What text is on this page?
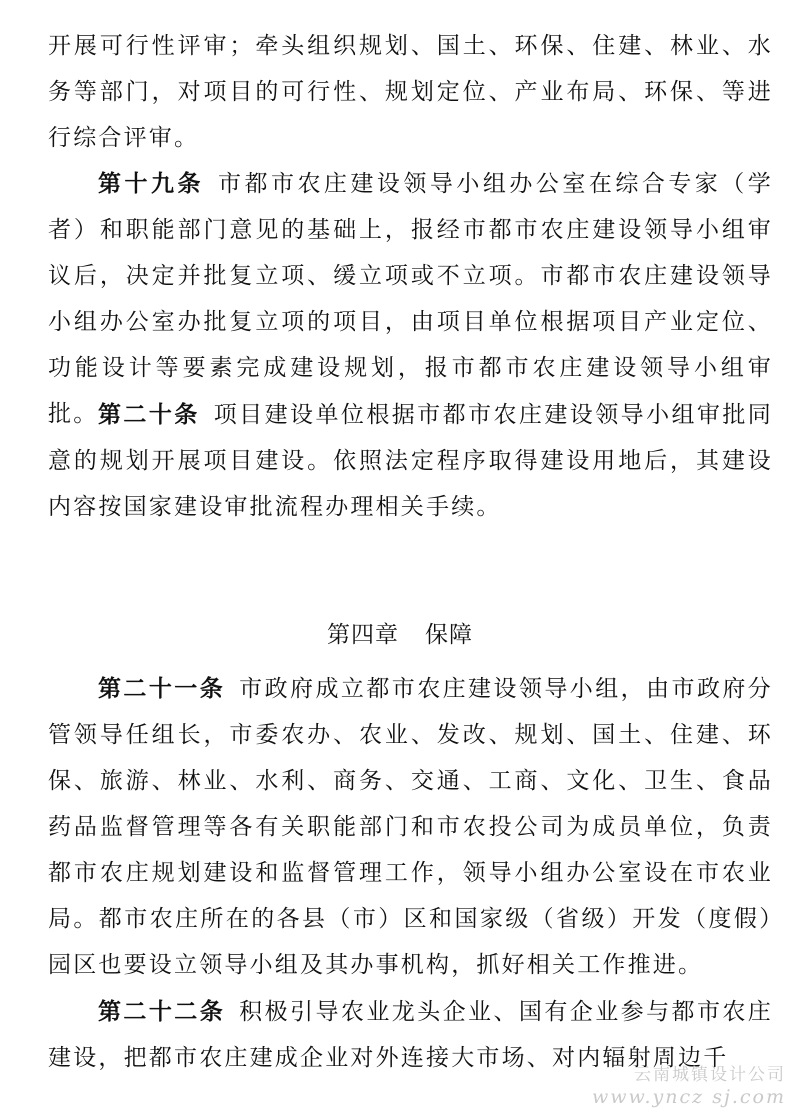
开展可行性评审；牵头组织规划、国土、环保、住建、林业、水务等部门，对项目的可行性、规划定位、产业布局、环保、等进行综合评审。

第十九条 市都市农庄建设领导小组办公室在综合专家（学者）和职能部门意见的基础上，报经市都市农庄建设领导小组审议后，决定并批复立项、缓立项或不立项。市都市农庄建设领导小组办公室办批复立项的项目，由项目单位根据项目产业定位、功能设计等要素完成建设规划，报市都市农庄建设领导小组审批。 第二十条 项目建设单位根据市都市农庄建设领导小组审批同意的规划开展项目建设。依照法定程序取得建设用地后，其建设内容按国家建设审批流程办理相关手续。

第四章 保障

第二十一条 市政府成立都市农庄建设领导小组，由市政府分管领导任组长，市委农办、农业、发改、规划、国土、住建、环保、旅游、林业、水利、商务、交通、工商、文化、卫生、食品药品监督管理等各有关职能部门和市农投公司为成员单位，负责都市农庄规划建设和监督管理工作，领导小组办公室设在市农业局。都市农庄所在的各县（市）区和国家级（省级）开发（度假）园区也要设立领导小组及其办事机构，抓好相关工作推进。

第二十二条 积极引导农业龙头企业、国有企业参与都市农庄建设，把都市农庄建成企业对外连接大市场、对内辐射周边千

云南城镇设计公司
www.yncz sj.com
